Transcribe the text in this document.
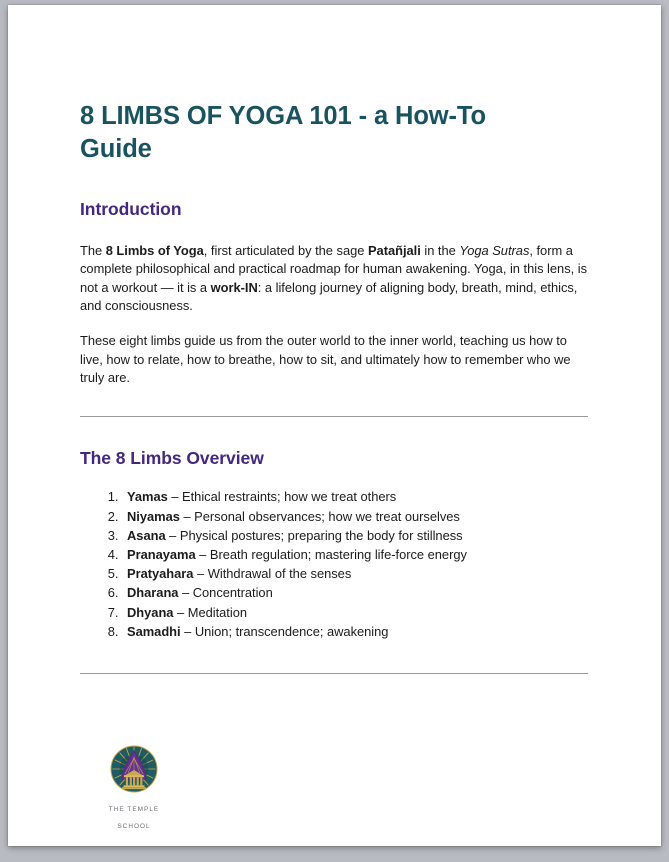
8 LIMBS OF YOGA 101 - a How-To Guide
Introduction

The 8 Limbs of Yoga, first articulated by the sage Patañjali in the Yoga Sutras, form a complete philosophical and practical roadmap for human awakening. Yoga, in this lens, is not a workout — it is a work-IN: a lifelong journey of aligning body, breath, mind, ethics, and consciousness.

These eight limbs guide us from the outer world to the inner world, teaching us how to live, how to relate, how to breathe, how to sit, and ultimately how to remember who we truly are.

The 8 Limbs Overview
1. Yamas – Ethical restraints; how we treat others
2. Niyamas – Personal observances; how we treat ourselves
3. Asana – Physical postures; preparing the body for stillness
4. Pranayama – Breath regulation; mastering life-force energy
5. Pratyahara – Withdrawal of the senses
6. Dharana – Concentration
7. Dhyana – Meditation
8. Samadhi – Union; transcendence; awakening

THE TEMPLE

SCHOOL
